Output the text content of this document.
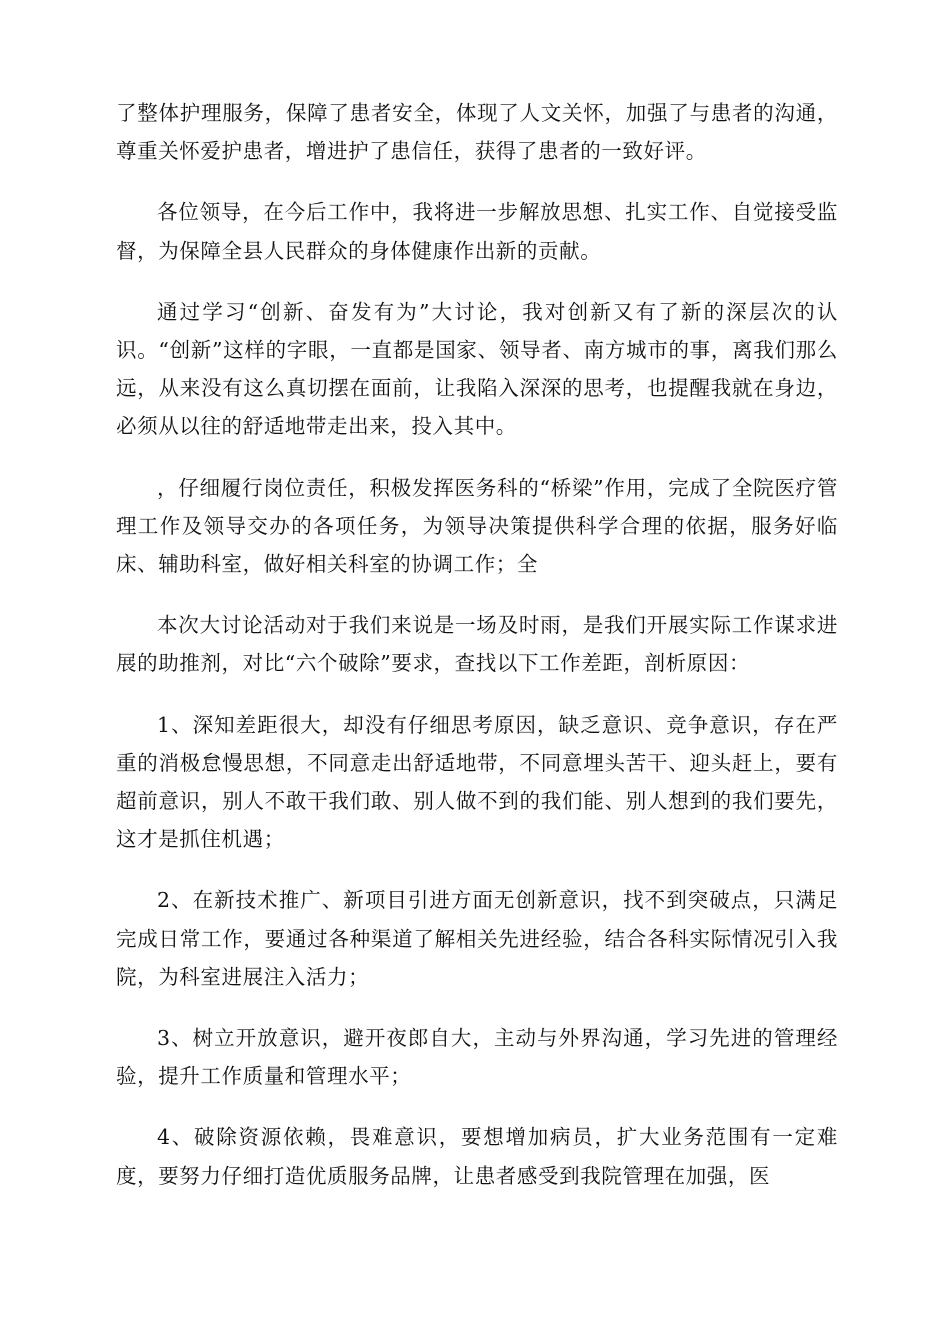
了整体护理服务，保障了患者安全，体现了人文关怀，加强了与患者的沟通，尊重关怀爱护患者，增进护了患信任，获得了患者的一致好评。

各位领导，在今后工作中，我将进一步解放思想、扎实工作、自觉接受监督，为保障全县人民群众的身体健康作出新的贡献。

通过学习“创新、奋发有为”大讨论，我对创新又有了新的深层次的认识。“创新”这样的字眼，一直都是国家、领导者、南方城市的事，离我们那么远，从来没有这么真切摆在面前，让我陷入深深的思考，也提醒我就在身边，必须从以往的舒适地带走出来，投入其中。

，仔细履行岗位责任，积极发挥医务科的“桥梁”作用，完成了全院医疗管理工作及领导交办的各项任务，为领导决策提供科学合理的依据，服务好临床、辅助科室，做好相关科室的协调工作；全

本次大讨论活动对于我们来说是一场及时雨，是我们开展实际工作谋求进展的助推剂，对比“六个破除”要求，查找以下工作差距，剖析原因：

1、深知差距很大，却没有仔细思考原因，缺乏意识、竞争意识，存在严重的消极怠慢思想，不同意走出舒适地带，不同意埋头苦干、迎头赶上，要有超前意识，别人不敢干我们敢、别人做不到的我们能、别人想到的我们要先，这才是抓住机遇；

2、在新技术推广、新项目引进方面无创新意识，找不到突破点，只满足完成日常工作，要通过各种渠道了解相关先进经验，结合各科实际情况引入我院，为科室进展注入活力；

3、树立开放意识，避开夜郎自大，主动与外界沟通，学习先进的管理经验，提升工作质量和管理水平；

4、破除资源依赖，畏难意识，要想增加病员，扩大业务范围有一定难度，要努力仔细打造优质服务品牌，让患者感受到我院管理在加强，医
